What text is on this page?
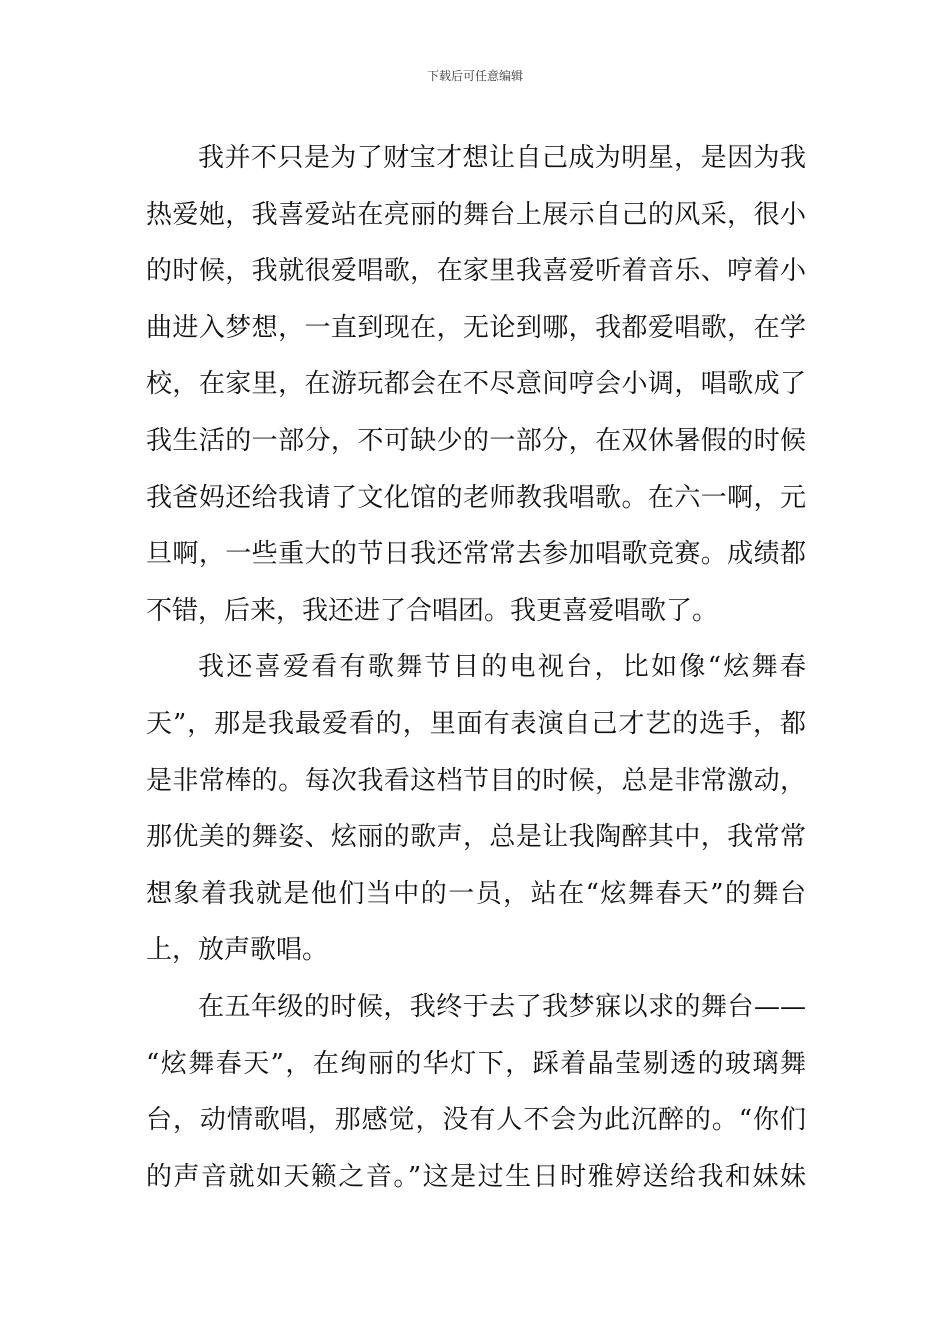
下载后可任意编辑
我并不只是为了财宝才想让自己成为明星，是因为我
热爱她，我喜爱站在亮丽的舞台上展示自己的风采，很小
的时候，我就很爱唱歌，在家里我喜爱听着音乐、哼着小
曲进入梦想，一直到现在，无论到哪，我都爱唱歌，在学
校，在家里，在游玩都会在不尽意间哼会小调，唱歌成了
我生活的一部分，不可缺少的一部分，在双休暑假的时候
我爸妈还给我请了文化馆的老师教我唱歌。在六一啊，元
旦啊，一些重大的节日我还常常去参加唱歌竞赛。成绩都
不错，后来，我还进了合唱团。我更喜爱唱歌了。
我还喜爱看有歌舞节目的电视台，比如像“炫舞春
天”，那是我最爱看的，里面有表演自己才艺的选手，都
是非常棒的。每次我看这档节目的时候，总是非常激动，
那优美的舞姿、炫丽的歌声，总是让我陶醉其中，我常常
想象着我就是他们当中的一员，站在“炫舞春天”的舞台
上，放声歌唱。
在五年级的时候，我终于去了我梦寐以求的舞台——
“炫舞春天”，在绚丽的华灯下，踩着晶莹剔透的玻璃舞
台，动情歌唱，那感觉，没有人不会为此沉醉的。“你们
的声音就如天籁之音。”这是过生日时雅婷送给我和妹妹
